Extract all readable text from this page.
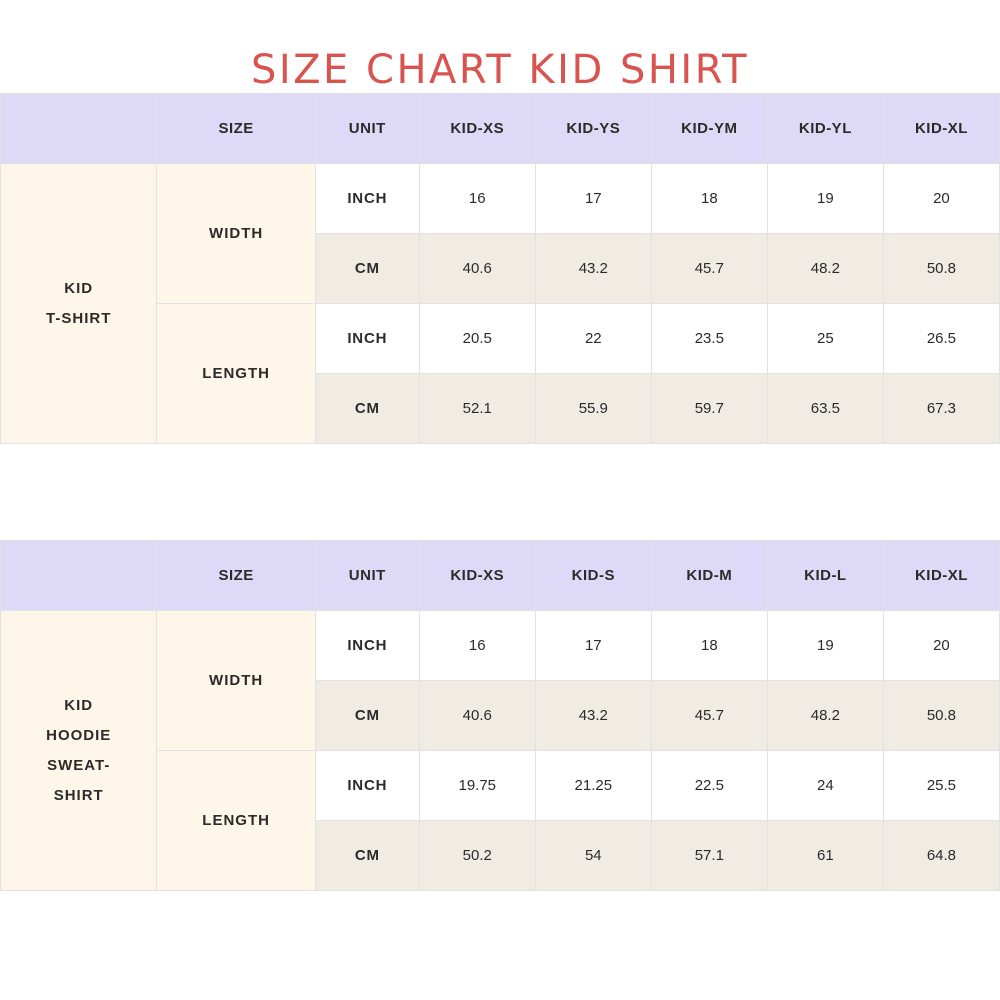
SIZE CHART KID SHIRT
	SIZE	UNIT	KID-XS	KID-YS	KID-YM	KID-YL	KID-XL
KID
T-SHIRT	WIDTH	INCH	16	17	18	19	20
		CM	40.6	43.2	45.7	48.2	50.8
	LENGTH	INCH	20.5	22	23.5	25	26.5
		CM	52.1	55.9	59.7	63.5	67.3
	SIZE	UNIT	KID-XS	KID-S	KID-M	KID-L	KID-XL
KID
HOODIE
SWEAT-
SHIRT	WIDTH	INCH	16	17	18	19	20
		CM	40.6	43.2	45.7	48.2	50.8
	LENGTH	INCH	19.75	21.25	22.5	24	25.5
		CM	50.2	54	57.1	61	64.8
